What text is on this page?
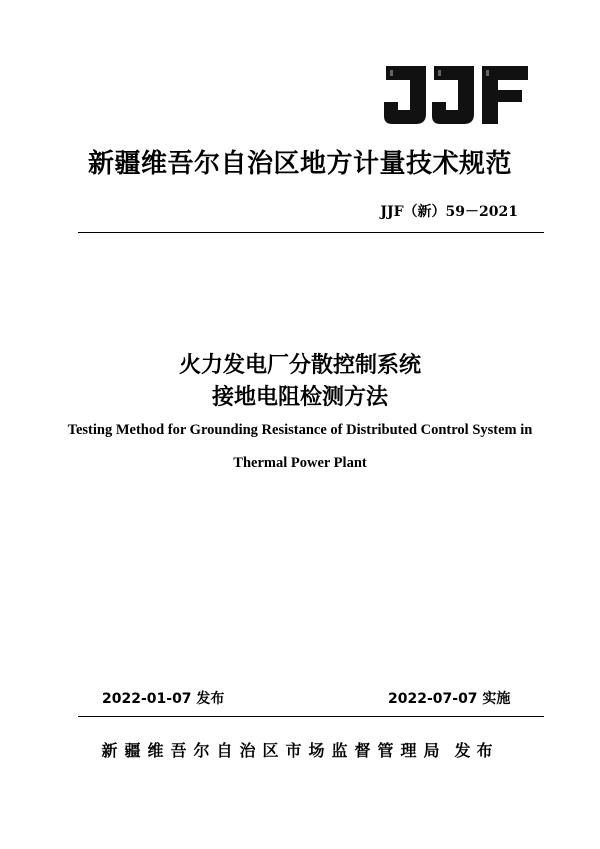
新疆维吾尔自治区地方计量技术规范
JJF（新）59－2021
火力发电厂分散控制系统
接地电阻检测方法
Testing Method for Grounding Resistance of Distributed Control System in
Thermal Power Plant
2022-01-07 发布	2022-07-07 实施
新疆维吾尔自治区市场监督管理局 发布
